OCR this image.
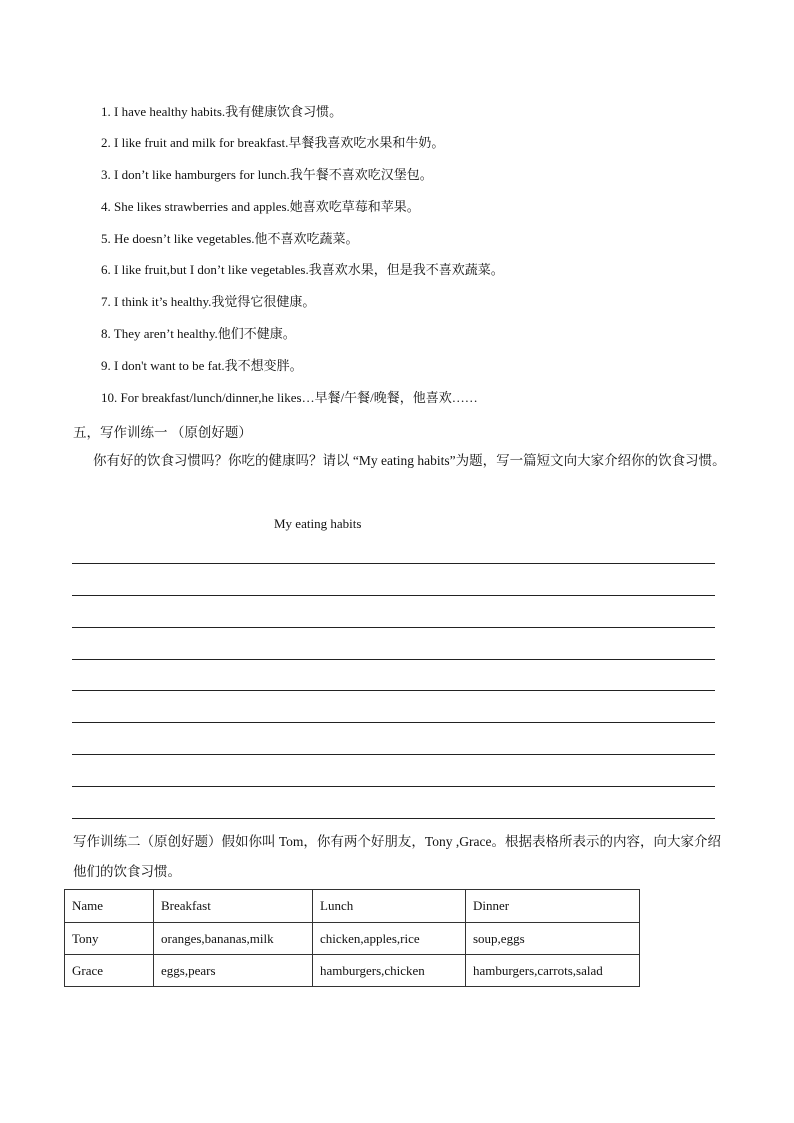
1. I have healthy habits.我有健康饮食习惯。
2. I like fruit and milk for breakfast.早餐我喜欢吃水果和牛奶。
3. I don’t like hamburgers for lunch.我午餐不喜欢吃汉堡包。
4. She likes strawberries and apples.她喜欢吃草莓和苹果。
5. He doesn’t like vegetables.他不喜欢吃蔬菜。
6. I like fruit,but I don’t like vegetables.我喜欢水果，但是我不喜欢蔬菜。
7. I think it’s healthy.我觉得它很健康。
8. They aren’t healthy.他们不健康。
9. I don't want to be fat.我不想变胖。
10. For breakfast/lunch/dinner,he likes…早餐/午餐/晚餐，他喜欢……
五，写作训练一 （原创好题）
你有好的饮食习惯吗？你吃的健康吗？请以 “My eating habits”为题，写一篇短文向大家介绍你的饮食习惯。
My eating habits
写作训练二（原创好题）假如你叫 Tom，你有两个好朋友，Tony ,Grace。根据表格所表示的内容，向大家介绍他们的饮食习惯。
Name	Breakfast	Lunch	Dinner
Tony	oranges,bananas,milk	chicken,apples,rice	soup,eggs
Grace	eggs,pears	hamburgers,chicken	hamburgers,carrots,salad
